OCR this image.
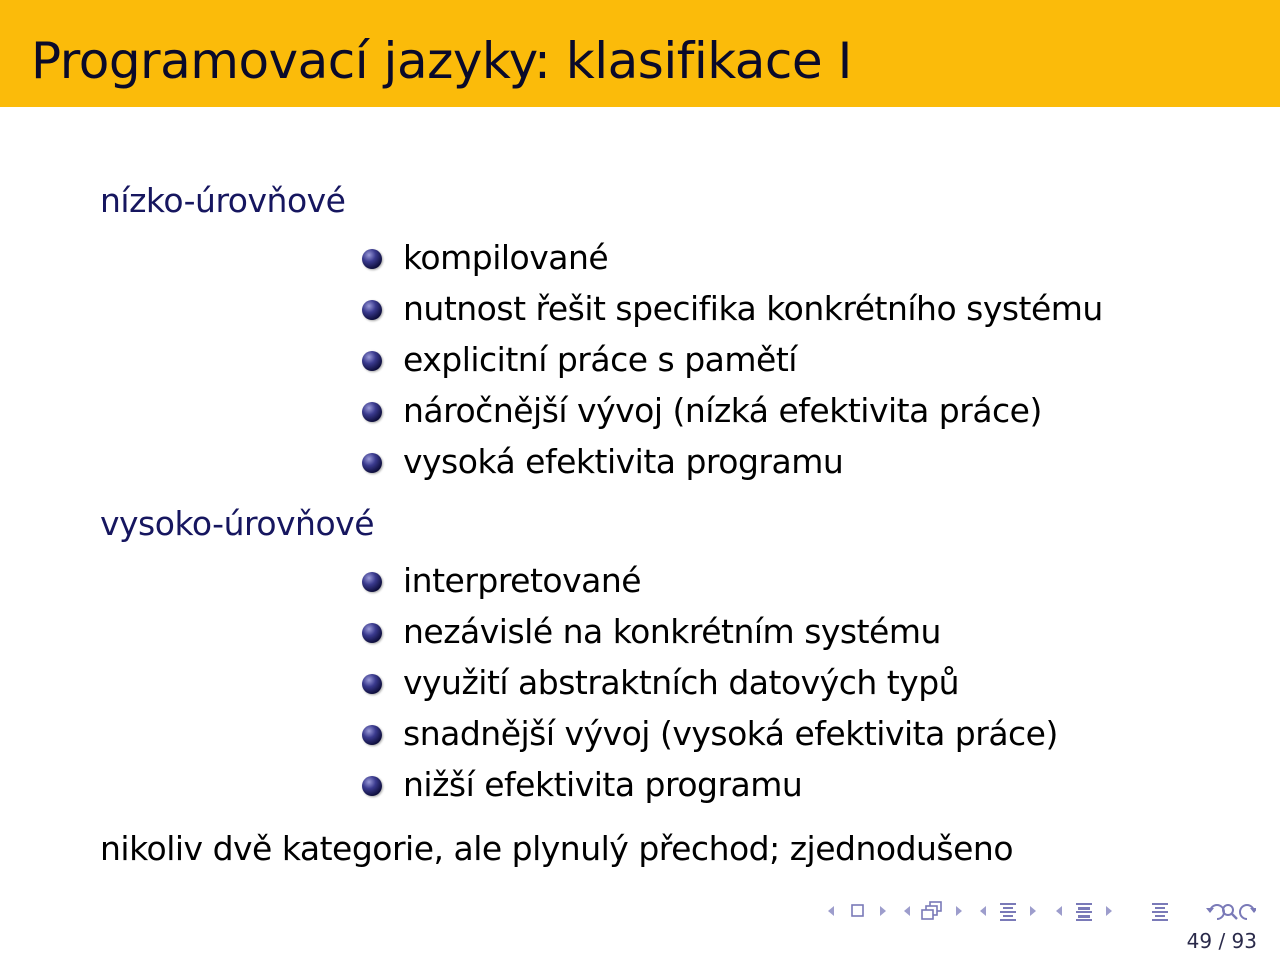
Programovací jazyky: klasifikace I
nízko-úrovňové
kompilované
nutnost řešit specifika konkrétního systému
explicitní práce s pamětí
náročnější vývoj (nízká efektivita práce)
vysoká efektivita programu
vysoko-úrovňové
interpretované
nezávislé na konkrétním systému
využití abstraktních datových typů
snadnější vývoj (vysoká efektivita práce)
nižší efektivita programu
nikoliv dvě kategorie, ale plynulý přechod; zjednodušeno
49 / 93
